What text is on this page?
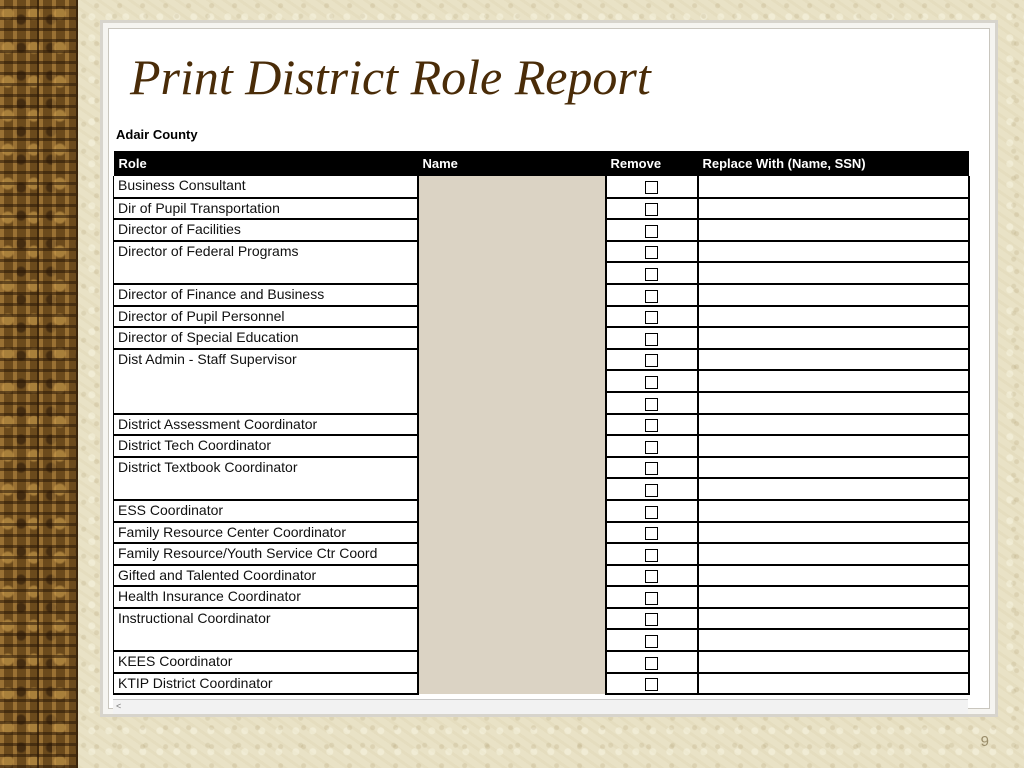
Print District Role Report
Adair County
Role	Name	Remove	Replace With (Name, SSN)
Business Consultant			
Dir of Pupil Transportation			
Director of Facilities			
Director of Federal Programs			

Director of Finance and Business			
Director of Pupil Personnel			
Director of Special Education			
Dist Admin - Staff Supervisor			

District Assessment Coordinator			
District Tech Coordinator			
District Textbook Coordinator			

ESS Coordinator			
Family Resource Center Coordinator			
Family Resource/Youth Service Ctr Coord			
Gifted and Talented Coordinator			
Health Insurance Coordinator			
Instructional Coordinator			

KEES Coordinator			
KTIP District Coordinator			
<
9
